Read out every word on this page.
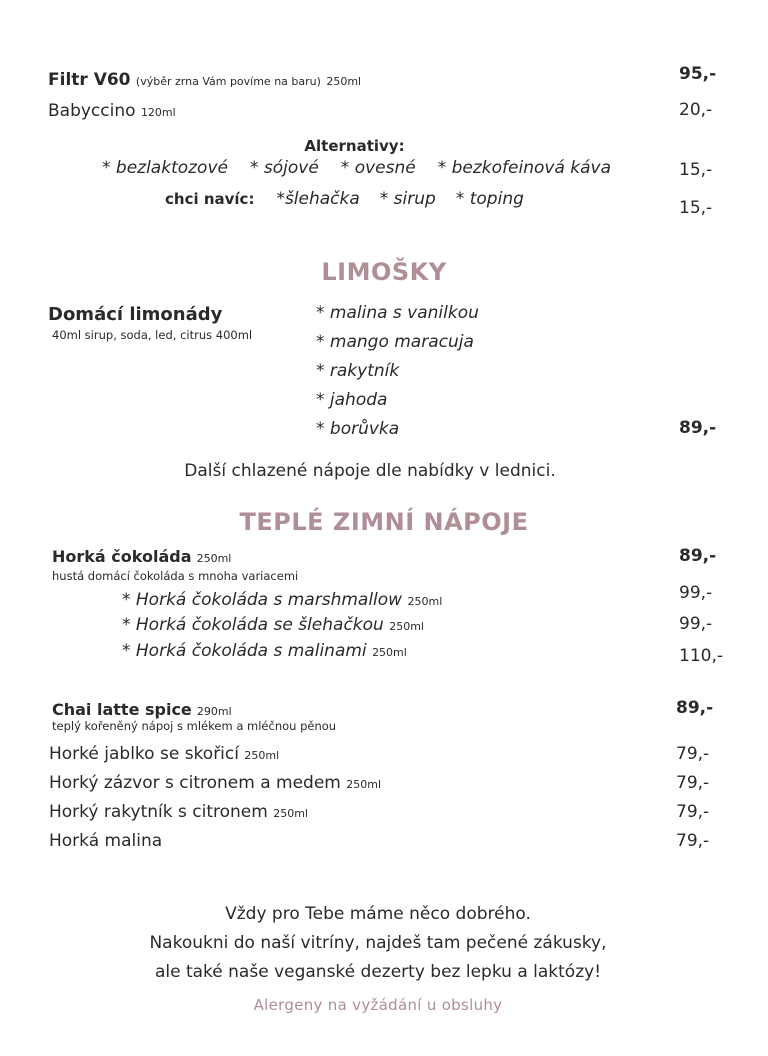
Filtr V60 (výběr zrna Vám povíme na baru) 250ml	95,-
Babyccino 120ml	20,-
Alternativy:
* bezlaktozové * sójové * ovesné * bezkofeinová káva	15,-
chci navíc: *šlehačka * sirup * toping	15,-
LIMOŠKY
Domácí limonády
40ml sirup, soda, led, citrus 400ml
* malina s vanilkou
* mango maracuja
* rakytník
* jahoda
* borůvka	89,-
Další chlazené nápoje dle nabídky v lednici.
TEPLÉ ZIMNÍ NÁPOJE
Horká čokoláda 250ml	89,-
hustá domácí čokoláda s mnoha variacemi
* Horká čokoláda s marshmallow 250ml	99,-
* Horká čokoláda se šlehačkou 250ml	99,-
* Horká čokoláda s malinami 250ml	110,-
Chai latte spice 290ml	89,-
teplý kořeněný nápoj s mlékem a mléčnou pěnou
Horké jablko se skořicí 250ml	79,-
Horký zázvor s citronem a medem 250ml	79,-
Horký rakytník s citronem 250ml	79,-
Horká malina	79,-
Vždy pro Tebe máme něco dobrého.
Nakoukni do naší vitríny, najdeš tam pečené zákusky,
ale také naše veganské dezerty bez lepku a laktózy!
Alergeny na vyžádání u obsluhy
